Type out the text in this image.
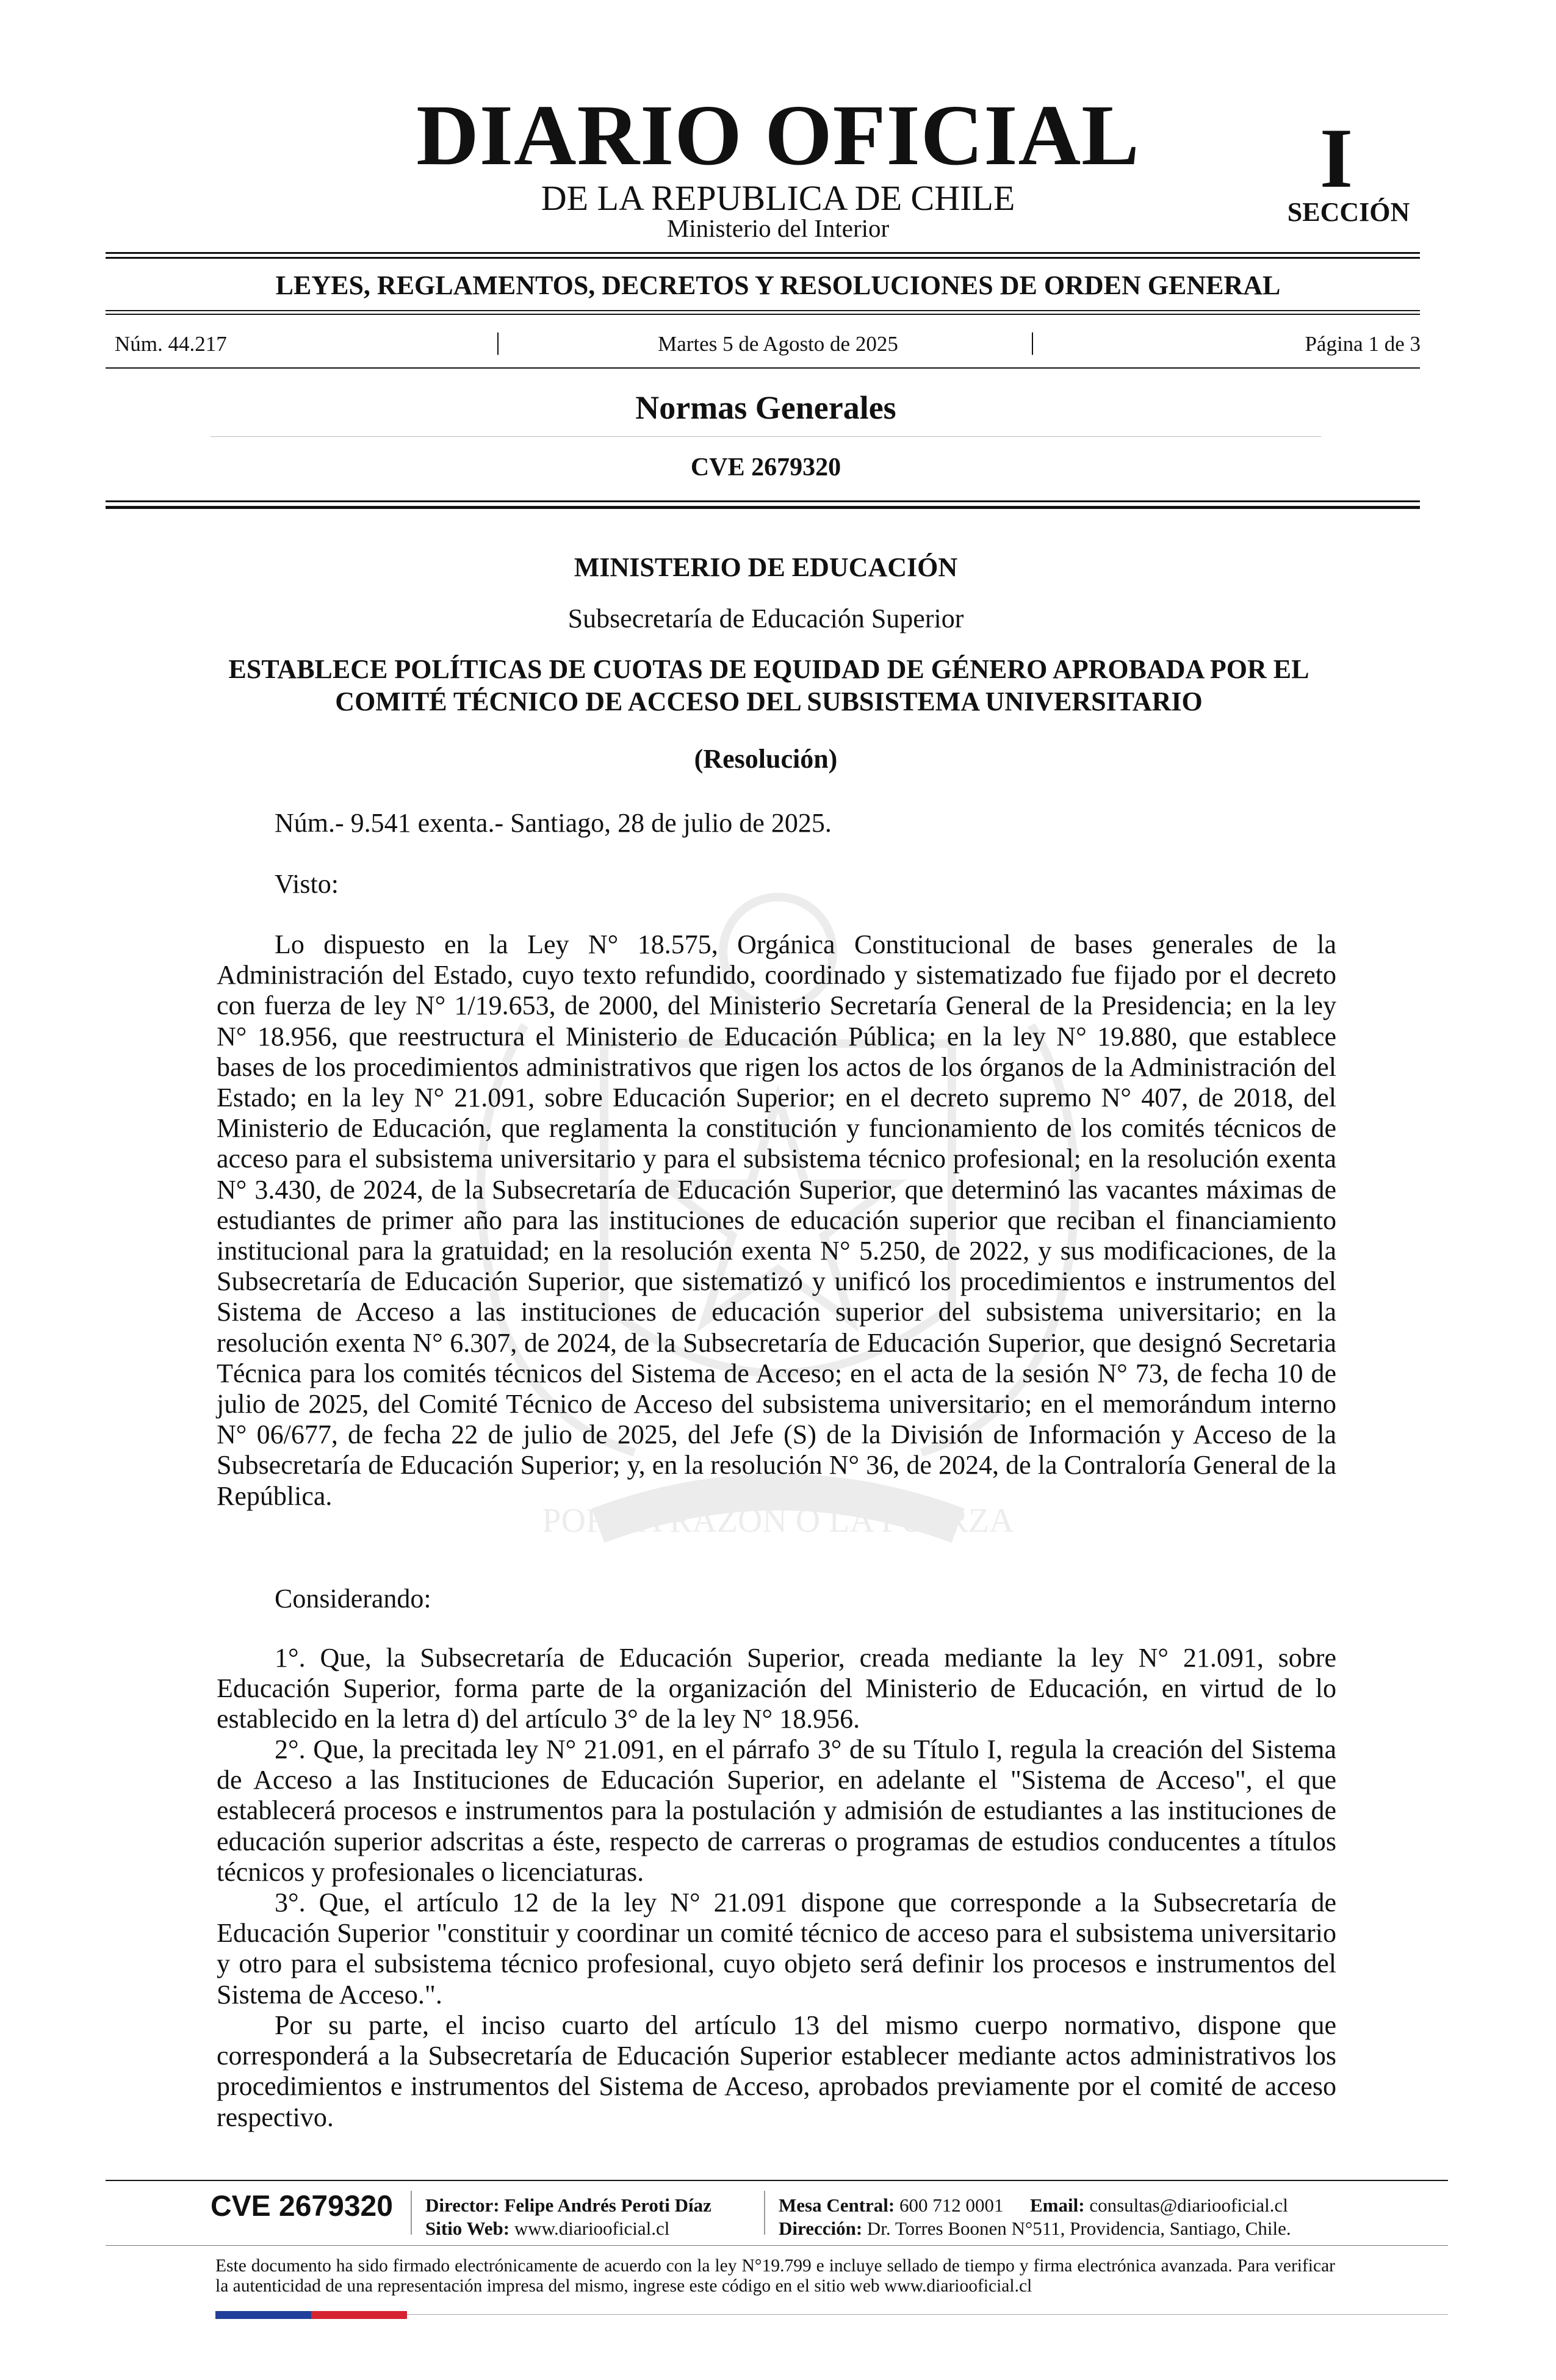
POR LA RAZÓN O LA FUERZA
DIARIO OFICIAL
DE LA REPUBLICA DE CHILE
Ministerio del Interior
I
SECCIÓN
LEYES, REGLAMENTOS, DECRETOS Y RESOLUCIONES DE ORDEN GENERAL
Núm. 44.217	|	Martes 5 de Agosto de 2025	|	Página 1 de 3
Normas Generales
CVE 2679320
MINISTERIO DE EDUCACIÓN
Subsecretaría de Educación Superior
ESTABLECE POLÍTICAS DE CUOTAS DE EQUIDAD DE GÉNERO APROBADA POR EL COMITÉ TÉCNICO DE ACCESO DEL SUBSISTEMA UNIVERSITARIO
(Resolución)
Núm.- 9.541 exenta.- Santiago, 28 de julio de 2025.
Visto:
Lo dispuesto en la Ley N° 18.575, Orgánica Constitucional de bases generales de la Administración del Estado, cuyo texto refundido, coordinado y sistematizado fue fijado por el decreto con fuerza de ley N° 1/19.653, de 2000, del Ministerio Secretaría General de la Presidencia; en la ley N° 18.956, que reestructura el Ministerio de Educación Pública; en la ley N° 19.880, que establece bases de los procedimientos administrativos que rigen los actos de los órganos de la Administración del Estado; en la ley N° 21.091, sobre Educación Superior; en el decreto supremo N° 407, de 2018, del Ministerio de Educación, que reglamenta la constitución y funcionamiento de los comités técnicos de acceso para el subsistema universitario y para el subsistema técnico profesional; en la resolución exenta N° 3.430, de 2024, de la Subsecretaría de Educación Superior, que determinó las vacantes máximas de estudiantes de primer año para las instituciones de educación superior que reciban el financiamiento institucional para la gratuidad; en la resolución exenta N° 5.250, de 2022, y sus modificaciones, de la Subsecretaría de Educación Superior, que sistematizó y unificó los procedimientos e instrumentos del Sistema de Acceso a las instituciones de educación superior del subsistema universitario; en la resolución exenta N° 6.307, de 2024, de la Subsecretaría de Educación Superior, que designó Secretaria Técnica para los comités técnicos del Sistema de Acceso; en el acta de la sesión N° 73, de fecha 10 de julio de 2025, del Comité Técnico de Acceso del subsistema universitario; en el memorándum interno N° 06/677, de fecha 22 de julio de 2025, del Jefe (S) de la División de Información y Acceso de la Subsecretaría de Educación Superior; y, en la resolución N° 36, de 2024, de la Contraloría General de la República.
Considerando:
1°. Que, la Subsecretaría de Educación Superior, creada mediante la ley N° 21.091, sobre Educación Superior, forma parte de la organización del Ministerio de Educación, en virtud de lo establecido en la letra d) del artículo 3° de la ley N° 18.956.
2°. Que, la precitada ley N° 21.091, en el párrafo 3° de su Título I, regula la creación del Sistema de Acceso a las Instituciones de Educación Superior, en adelante el "Sistema de Acceso", el que establecerá procesos e instrumentos para la postulación y admisión de estudiantes a las instituciones de educación superior adscritas a éste, respecto de carreras o programas de estudios conducentes a títulos técnicos y profesionales o licenciaturas.
3°. Que, el artículo 12 de la ley N° 21.091 dispone que corresponde a la Subsecretaría de Educación Superior "constituir y coordinar un comité técnico de acceso para el subsistema universitario y otro para el subsistema técnico profesional, cuyo objeto será definir los procesos e instrumentos del Sistema de Acceso.".
Por su parte, el inciso cuarto del artículo 13 del mismo cuerpo normativo, dispone que corresponderá a la Subsecretaría de Educación Superior establecer mediante actos administrativos los procedimientos e instrumentos del Sistema de Acceso, aprobados previamente por el comité de acceso respectivo.
CVE 2679320 Director: Felipe Andrés Peroti Díaz
Sitio Web: www.diariooficial.cl
Mesa Central: 600 712 0001 Email: consultas@diariooficial.cl
Dirección: Dr. Torres Boonen N°511, Providencia, Santiago, Chile.
Este documento ha sido firmado electrónicamente de acuerdo con la ley N°19.799 e incluye sellado de tiempo y firma electrónica avanzada. Para verificar la autenticidad de una representación impresa del mismo, ingrese este código en el sitio web www.diariooficial.cl
